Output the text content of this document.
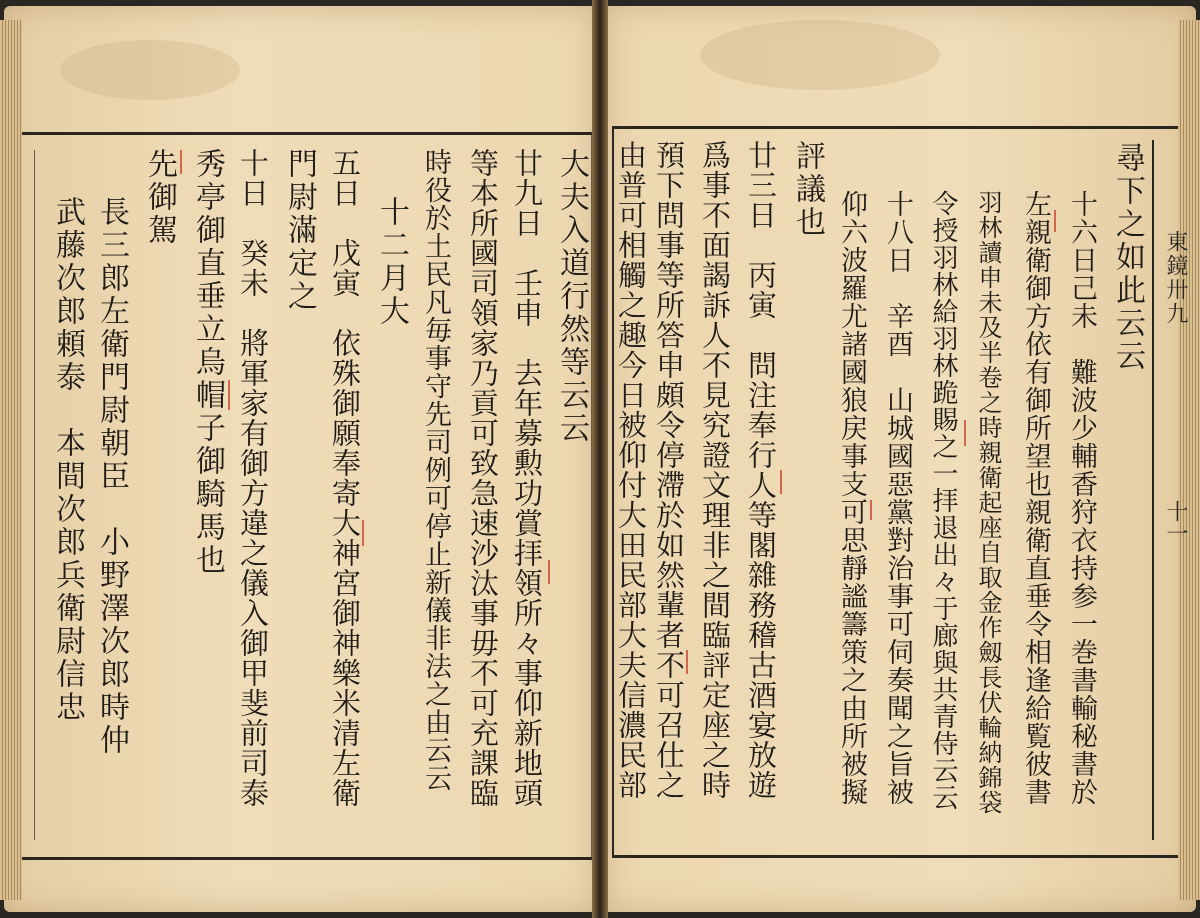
尋下之如此云云
十六日己未　難波少輔香狩衣持参一巻書輸秘書於
左親衛御方依有御所望也親衛直垂令相逢給覧彼書
羽林讀申未及半卷之時親衛起座自取金作劔長伏輪納錦袋
令授羽林給羽林跪賜之一拝退出々于廊與共青侍云云
十八日　辛酉　山城國惡黨對治事可伺奏聞之旨被
仰六波羅尤諸國狼戻事支可思靜謐籌策之由所被擬
評議也
廿三日　丙寅　問注奉行人等閣雜務稽古酒宴放遊
爲事不面謁訴人不見究證文理非之間臨評定座之時
預下問事等所答申頗令停滯於如然輩者不可召仕之
由普可相觸之趣今日被仰付大田民部大夫信濃民部
大夫入道行然等云云
廿九日　壬申　去年募勲功賞拝領所々事仰新地頭
等本所國司領家乃貢可致急速沙汰事毋不可充課臨
時役於土民凡毎事守先司例可停止新儀非法之由云云
十二月大
五日　戊寅　依殊御願奉寄大神宮御神樂米清左衛
門尉滿定之
十日　癸未　將軍家有御方違之儀入御甲斐前司泰
秀亭御直垂立烏帽子御騎馬也
先御駕
長三郎左衛門尉朝臣　小野澤次郎時仲
武藤次郎頼泰　本間次郎兵衛尉信忠	東鏡卅九
十一
